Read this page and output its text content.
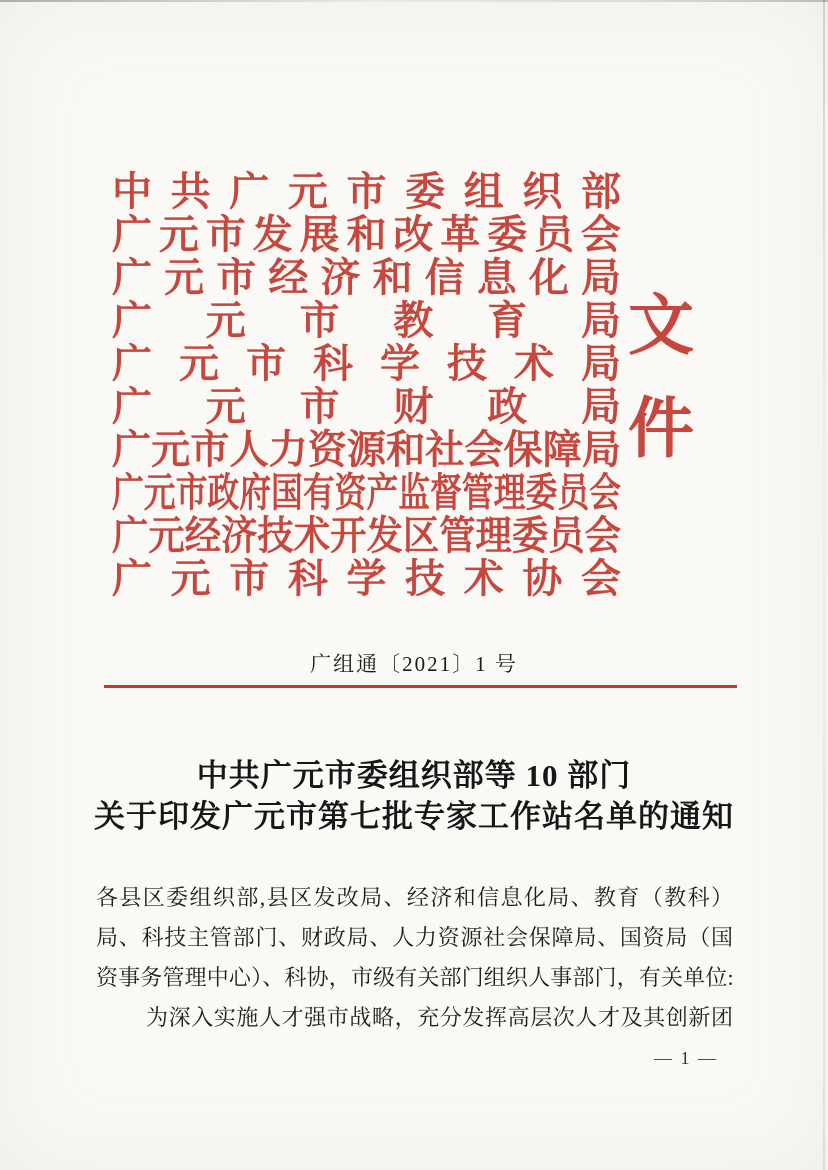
中 共 广 元 市 委 组 织 部
广 元 市 发 展 和 改 革 委 员 会
广 元 市 经 济 和 信 息 化 局
广 元 市 教 育 局
广 元 市 科 学 技 术 局
广 元 市 财 政 局
广 元 市 人 力 资 源 和 社 会 保 障 局
广 元 市 政 府 国 有 资 产 监 督 管 理 委 员 会
广 元 经 济 技 术 开 发 区 管 理 委 员 会
广 元 市 科 学 技 术 协 会
文
件
广组通〔2021〕1 号
中共广元市委组织部等 10 部门
关于印发广元市第七批专家工作站名单的通知
各县区委组织部,县区发改局、经济和信息化局、教育（教科）
局、科技主管部门、财政局、人力资源社会保障局、国资局（国
资事务管理中心）、科协，市级有关部门组织人事部门，有关单位:
为深入实施人才强市战略，充分发挥高层次人才及其创新团
— 1 —
